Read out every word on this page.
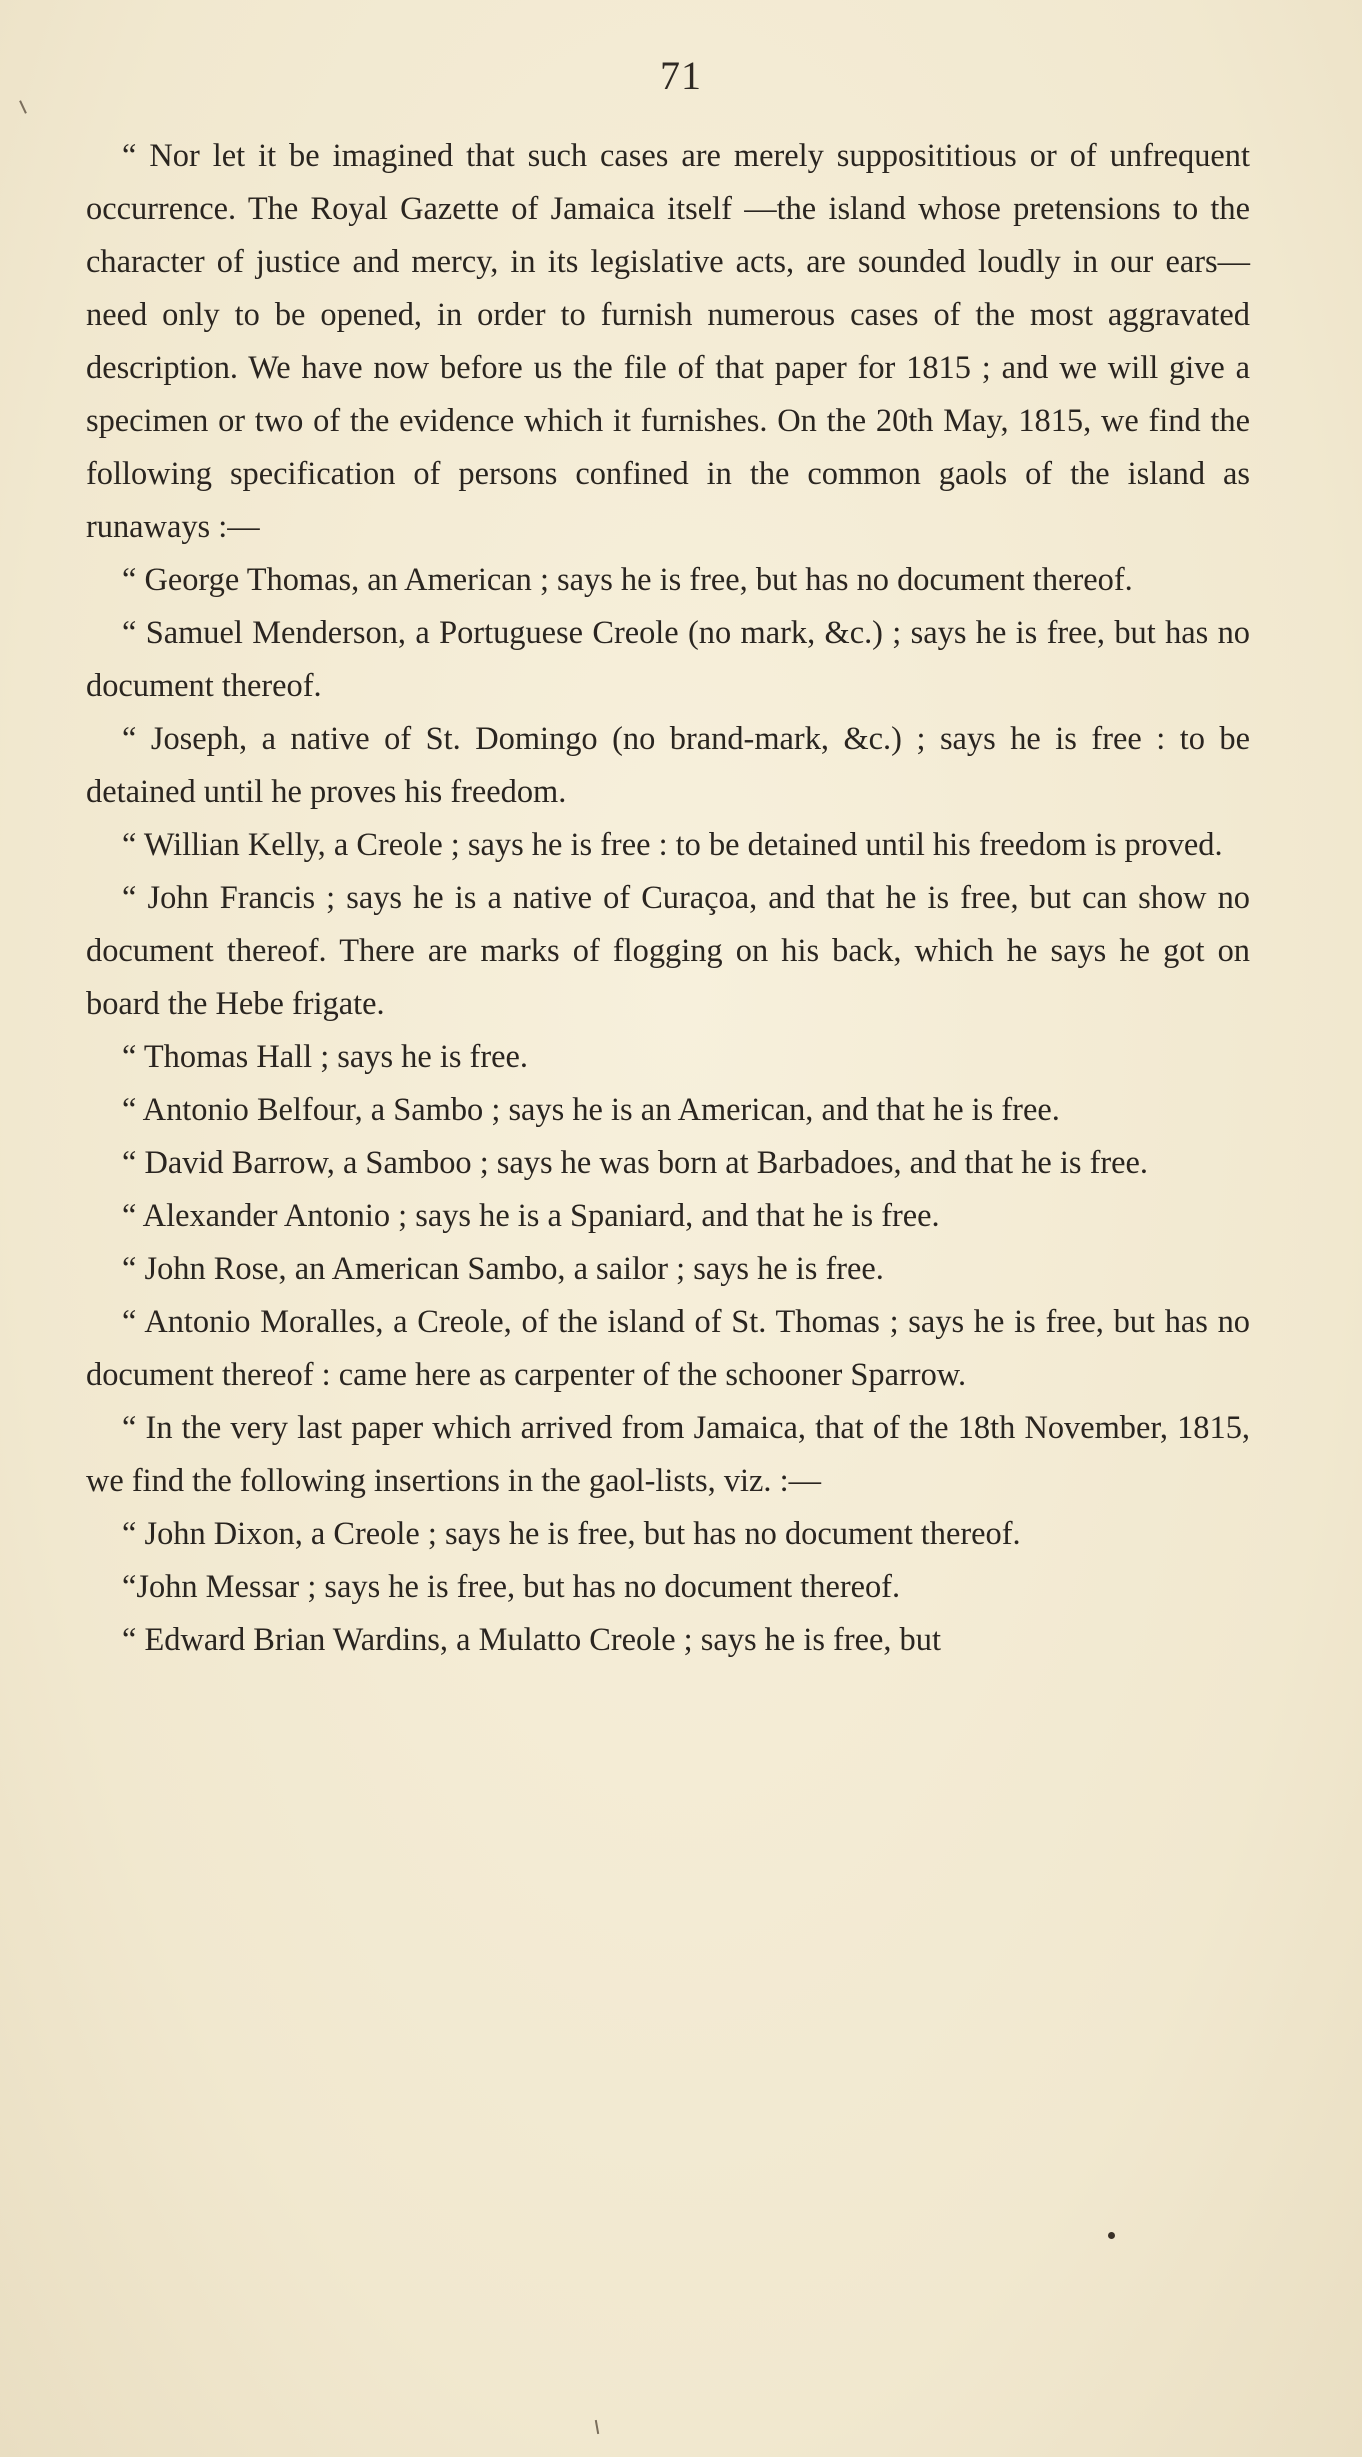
71

“ Nor let it be imagined that such cases are merely supposititious or of unfrequent occurrence. The Royal Gazette of Jamaica itself —the island whose pretensions to the character of justice and mercy, in its legislative acts, are sounded loudly in our ears—need only to be opened, in order to furnish numerous cases of the most aggravated description. We have now before us the file of that paper for 1815 ; and we will give a specimen or two of the evidence which it furnishes. On the 20th May, 1815, we find the following specification of persons confined in the common gaols of the island as runaways :—

“ George Thomas, an American ; says he is free, but has no document thereof.

“ Samuel Menderson, a Portuguese Creole (no mark, &c.) ; says he is free, but has no document thereof.

“ Joseph, a native of St. Domingo (no brand-mark, &c.) ; says he is free : to be detained until he proves his freedom.

“ Willian Kelly, a Creole ; says he is free : to be detained until his freedom is proved.

“ John Francis ; says he is a native of Curaçoa, and that he is free, but can show no document thereof. There are marks of flogging on his back, which he says he got on board the Hebe frigate.

“ Thomas Hall ; says he is free.

“ Antonio Belfour, a Sambo ; says he is an American, and that he is free.

“ David Barrow, a Samboo ; says he was born at Barbadoes, and that he is free.

“ Alexander Antonio ; says he is a Spaniard, and that he is free.

“ John Rose, an American Sambo, a sailor ; says he is free.

“ Antonio Moralles, a Creole, of the island of St. Thomas ; says he is free, but has no document thereof : came here as carpenter of the schooner Sparrow.

“ In the very last paper which arrived from Jamaica, that of the 18th November, 1815, we find the following insertions in the gaol-lists, viz. :—

“ John Dixon, a Creole ; says he is free, but has no document thereof.

“John Messar ; says he is free, but has no document thereof.

“ Edward Brian Wardins, a Mulatto Creole ; says he is free, but
